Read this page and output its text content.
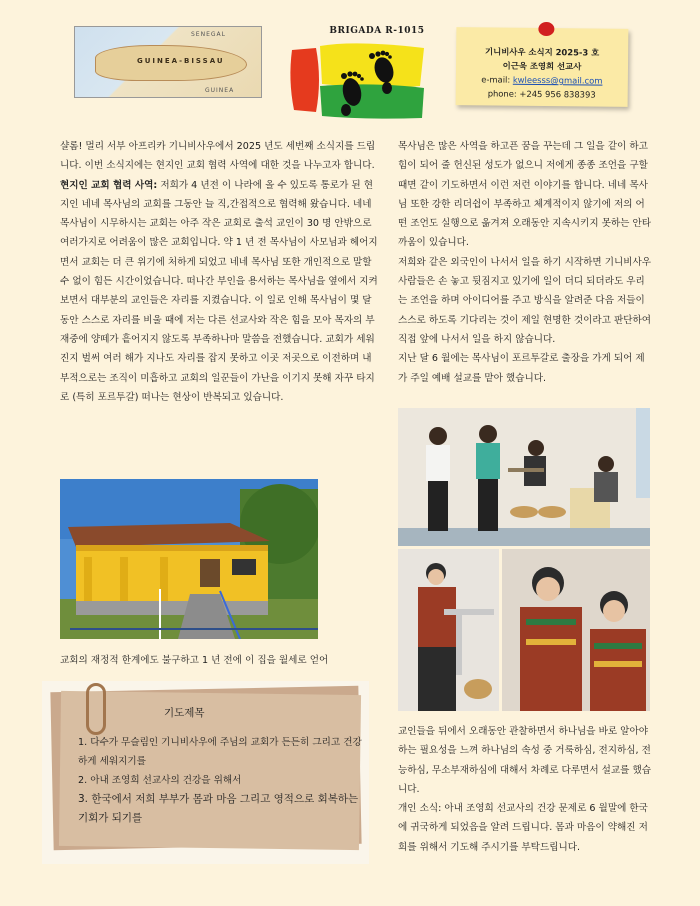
SENEGAL
GUINEA-BISSAU
GUINEA
BRIGADA R-1015
기니비사우 소식지 2025-3 호
이근욱 조영희 선교사
e-mail: kwleesss@gmail.com
phone: +245 956 838393

샬롬! 멀리 서부 아프리카 기니비사우에서 2025 년도 세번째 소식지를 드립니다. 이번 소식지에는 현지인 교회 협력 사역에 대한 것을 나누고자 합니다.

현지인 교회 협력 사역: 저희가 4 년전 이 나라에 올 수 있도록 통로가 된 현지인 네네 목사님의 교회를 그동안 늘 직,간접적으로 협력해 왔습니다. 네네 목사님이 시무하시는 교회는 아주 작은 교회로 출석 교인이 30 명 안밖으로 여러가지로 어려움이 많은 교회입니다. 약 1 년 전 목사님이 사모님과 헤어지면서 교회는 더 큰 위기에 처하게 되었고 네네 목사님 또한 개인적으로 말할 수 없이 힘든 시간이었습니다. 떠나간 부인을 용서하는 목사님을 옆에서 지켜보면서 대부분의 교인들은 자리를 지켰습니다. 이 일로 인해 목사님이 몇 달 동안 스스로 자리를 비울 때에 저는 다른 선교사와 작은 힘을 모아 목자의 부재중에 양떼가 흩어지지 않도록 부족하나마 말씀을 전했습니다. 교회가 세워진지 벌써 여러 해가 지나도 자리를 잡지 못하고 이곳 저곳으로 이전하며 내부적으로는 조직이 미흡하고 교회의 일꾼들이 가난을 이기지 못해 자꾸 타지로 (특히 포르투갈) 떠나는 현상이 반복되고 있습니다.

교회의 재정적 한계에도 불구하고 1 년 전에 이 집을 월세로 얻어
기도제목

1. 다수가 무슬림인 기니비사우에 주님의 교회가 든든히 그리고 건강하게 세워지기를

2. 아내 조영희 선교사의 건강을 위해서

3. 한국에서 저희 부부가 몸과 마음 그리고 영적으로 회복하는 기회가 되기를

목사님은 많은 사역을 하고픈 꿈을 꾸는데 그 일을 같이 하고 힘이 되어 줄 헌신된 성도가 없으니 저에게 종종 조언을 구할 때면 같이 기도하면서 이런 저런 이야기를 합니다. 네네 목사님 또한 강한 리더쉽이 부족하고 체계적이지 않기에 저의 어떤 조언도 실행으로 옮겨져 오래동안 지속시키지 못하는 안타까움이 있습니다.

저희와 같은 외국인이 나서서 일을 하기 시작하면 기니비사우 사람들은 손 놓고 뒷짐지고 있기에 일이 더디 되더라도 우리는 조언을 하며 아이디어를 주고 방식을 알려준 다음 저들이 스스로 하도록 기다리는 것이 제일 현명한 것이라고 판단하여 직접 앞에 나서서 일을 하지 않습니다.

지난 달 6 월에는 목사님이 포르투갈로 출장을 가게 되어 제가 주일 예배 설교를 맡아 했습니다.

교인들을 뒤에서 오래동안 관찰하면서 하나님을 바로 알아야 하는 필요성을 느껴 하나님의 속성 중 거룩하심, 전지하심, 전능하심, 무소부재하심에 대해서 차례로 다루면서 설교를 했습니다.

개인 소식: 아내 조영희 선교사의 건강 문제로 6 월말에 한국에 귀국하게 되었음을 알려 드립니다. 몸과 마음이 약해진 저희를 위해서 기도해 주시기를 부탁드립니다.
